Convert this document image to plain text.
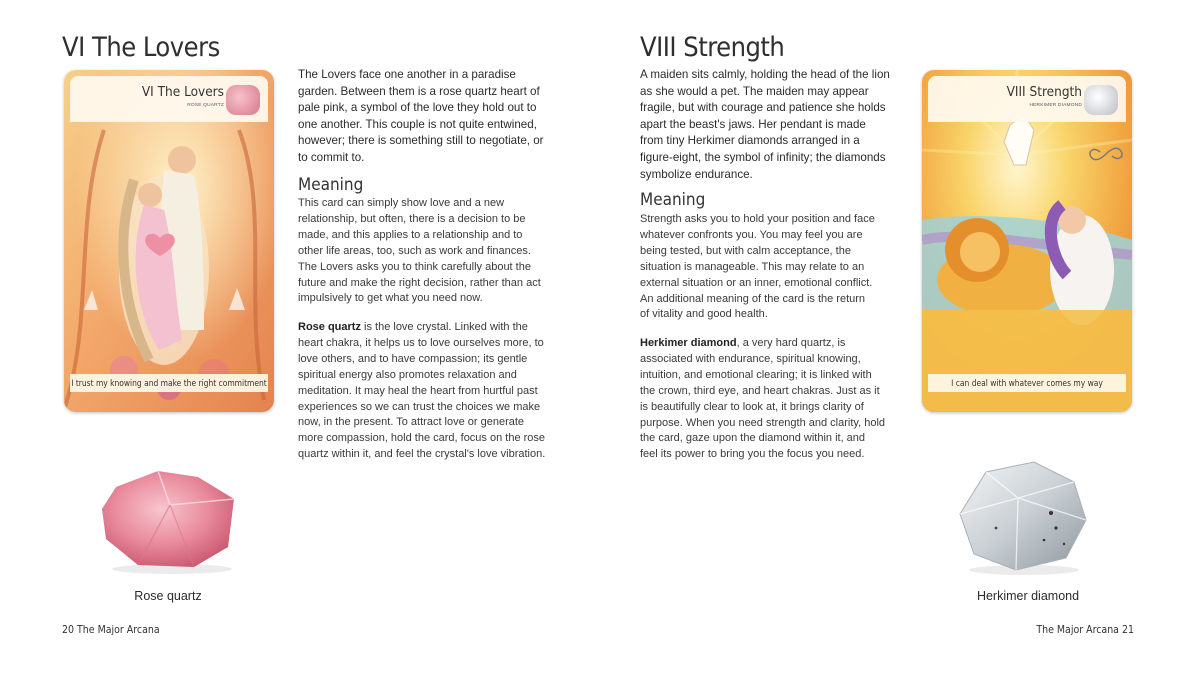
VI The Lovers
VI The Lovers
ROSE QUARTZ
I trust my knowing and make the right commitment
The Lovers face one another in a paradise
garden. Between them is a rose quartz heart of
pale pink, a symbol of the love they hold out to
one another. This couple is not quite entwined,
however; there is something still to negotiate, or
to commit to.
Meaning
This card can simply show love and a new
relationship, but often, there is a decision to be
made, and this applies to a relationship and to
other life areas, too, such as work and finances.
The Lovers asks you to think carefully about the
future and make the right decision, rather than act
impulsively to get what you need now.
Rose quartz is the love crystal. Linked with the
heart chakra, it helps us to love ourselves more, to
love others, and to have compassion; its gentle
spiritual energy also promotes relaxation and
meditation. It may heal the heart from hurtful past
experiences so we can trust the choices we make
now, in the present. To attract love or generate
more compassion, hold the card, focus on the rose
quartz within it, and feel the crystal's love vibration.
Rose quartz
20 The Major Arcana
VIII Strength
A maiden sits calmly, holding the head of the lion
as she would a pet. The maiden may appear
fragile, but with courage and patience she holds
apart the beast's jaws. Her pendant is made
from tiny Herkimer diamonds arranged in a
figure-eight, the symbol of infinity; the diamonds
symbolize endurance.
Meaning
Strength asks you to hold your position and face
whatever confronts you. You may feel you are
being tested, but with calm acceptance, the
situation is manageable. This may relate to an
external situation or an inner, emotional conflict.
An additional meaning of the card is the return
of vitality and good health.
Herkimer diamond, a very hard quartz, is
associated with endurance, spiritual knowing,
intuition, and emotional clearing; it is linked with
the crown, third eye, and heart chakras. Just as it
is beautifully clear to look at, it brings clarity of
purpose. When you need strength and clarity, hold
the card, gaze upon the diamond within it, and
feel its power to bring you the focus you need.
VIII Strength
HERKIMER DIAMOND
I can deal with whatever comes my way
Herkimer diamond
The Major Arcana 21
